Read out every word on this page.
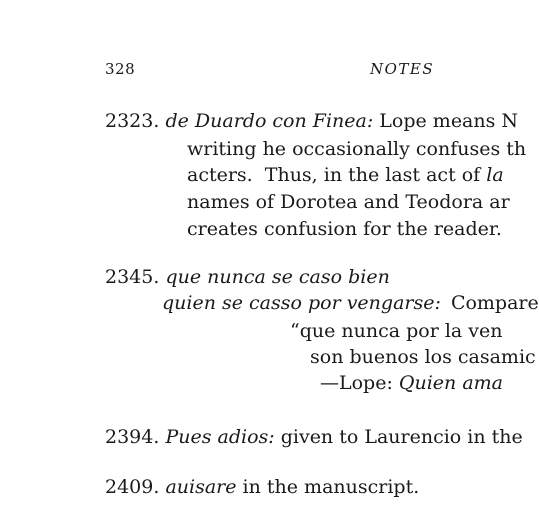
328	NOTES
2323. de Duardo con Finea: Lope means N
writing he occasionally confuses th
acters. Thus, in the last act of la
names of Dorotea and Teodora ar
creates confusion for the reader.
2345. que nunca se caso bien
quien se casso por vengarse: Compare
“que nunca por la ven
son buenos los casamic
—Lope: Quien ama
2394. Pues adios: given to Laurencio in the
2409. auisare in the manuscript.
